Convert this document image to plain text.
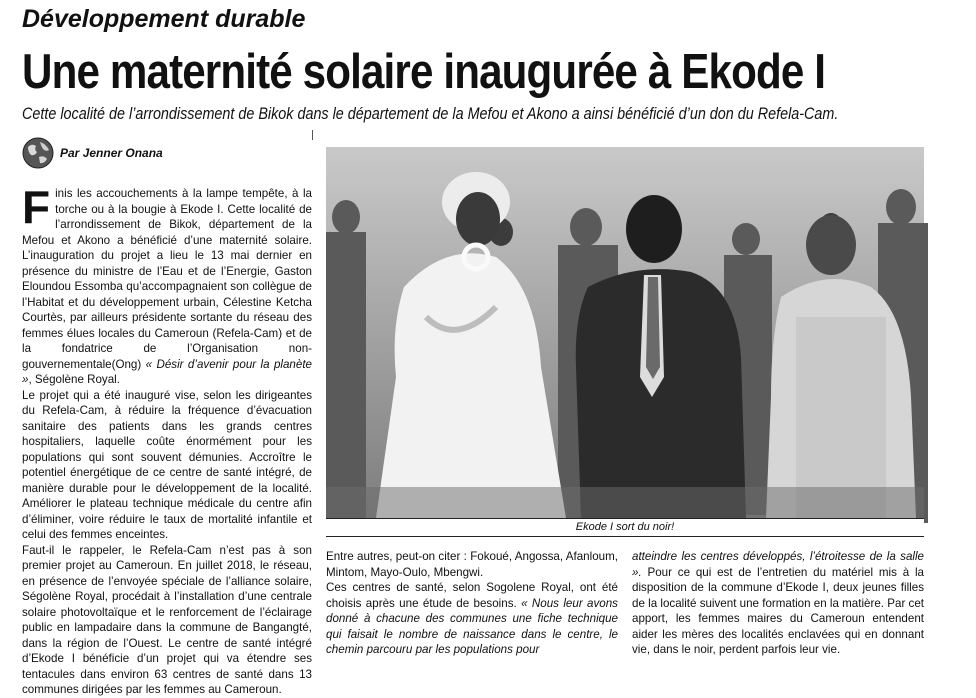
Développement durable
Une maternité solaire inaugurée à Ekode I

Cette localité de l’arrondissement de Bikok dans le département de la Mefou et Akono a ainsi bénéficié d’un don du Refela-Cam.

Par Jenner Onana

Finis les accouchements à la lampe tempête, à la torche ou à la bougie à Ekode I. Cette localité de l’arrondissement de Bikok, département de la Mefou et Akono a bénéficié d’une maternité solaire. L’inauguration du projet a lieu le 13 mai dernier en présence du ministre de l’Eau et de l’Energie, Gaston Eloundou Essomba qu’accompagnaient son collègue de l’Habitat et du développement urbain, Célestine Ketcha Courtès, par ailleurs présidente sortante du réseau des femmes élues locales du Cameroun (Refela-Cam) et de la fondatrice de l’Organisation non-gouvernementale(Ong) « Désir d’avenir pour la planète », Ségolène Royal.

Le projet qui a été inauguré vise, selon les dirigeantes du Refela-Cam, à réduire la fréquence d’évacuation sanitaire des patients dans les grands centres hospitaliers, laquelle coûte énormément pour les populations qui sont souvent démunies. Accroître le potentiel énergétique de ce centre de santé intégré, de manière durable pour le développement de la localité. Améliorer le plateau technique médicale du centre afin d’éliminer, voire réduire le taux de mortalité infantile et celui des femmes enceintes.

Faut-il le rappeler, le Refela-Cam n’est pas à son premier projet au Cameroun. En juillet 2018, le réseau, en présence de l’envoyée spéciale de l’alliance solaire, Ségolène Royal, procédait à l’installation d’une centrale solaire photovoltaïque et le renforcement de l’éclairage public en lampadaire dans la commune de Bangangté, dans la région de l’Ouest. Le centre de santé intégré d’Ekode I bénéficie d’un projet qui va étendre ses tentacules dans environ 63 centres de santé dans 13 communes dirigées par les femmes au Cameroun.

Ekode I sort du noir!

Entre autres, peut-on citer : Fokoué, Angossa, Afanloum, Mintom, Mayo-Oulo, Mbengwi.

Ces centres de santé, selon Sogolene Royal, ont été choisis après une étude de besoins. « Nous leur avons donné à chacune des communes une fiche technique qui faisait le nombre de naissance dans le centre, le chemin parcouru par les populations pour

atteindre les centres développés, l’étroitesse de la salle ». Pour ce qui est de l’entretien du matériel mis à la disposition de la commune d’Ekode I, deux jeunes filles de la localité suivent une formation en la matière. Par cet apport, les femmes maires du Cameroun entendent aider les mères des localités enclavées qui en donnant vie, dans le noir, perdent parfois leur vie.
